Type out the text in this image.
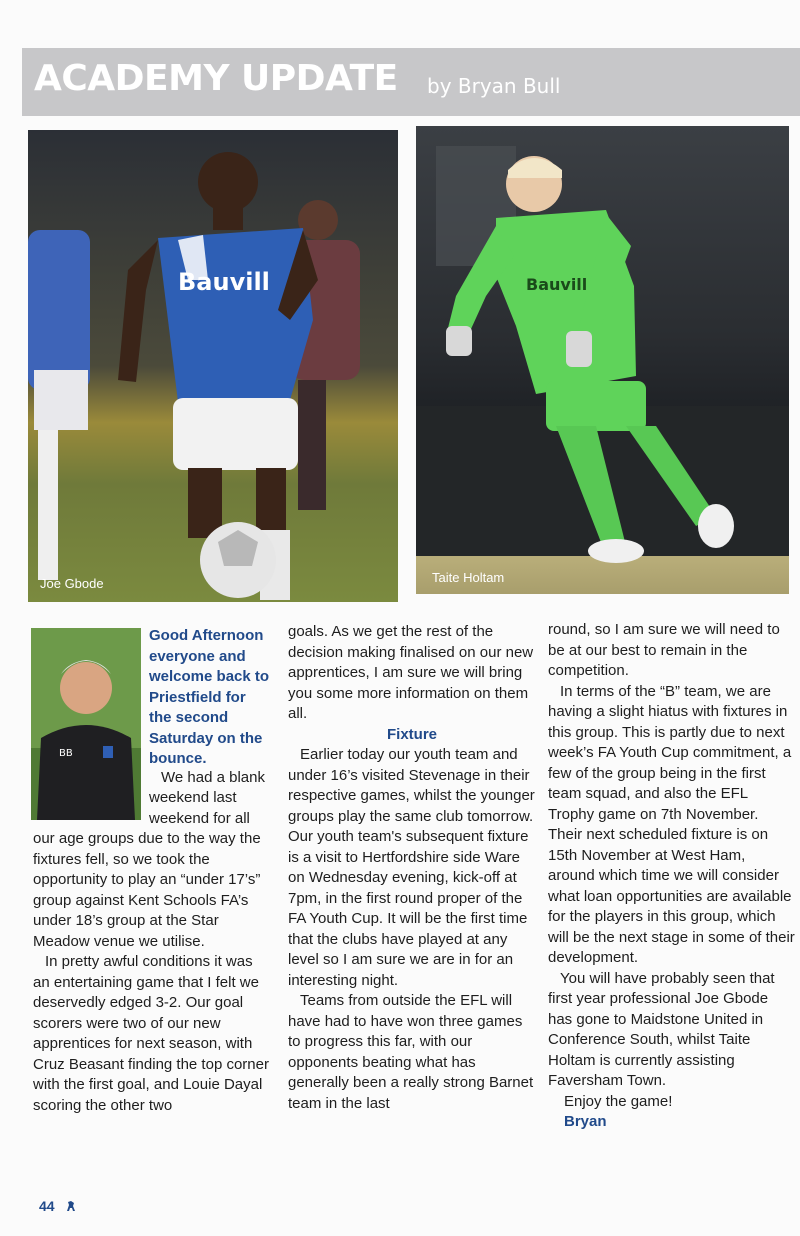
ACADEMY UPDATE by Bryan Bull
Bauvill
Joe Gbode
Bauvill
Taite Holtam
BB

Good Afternoon everyone and welcome back to Priestfield for the second Saturday on the bounce.

We had a blank weekend last weekend for all our age groups due to the way the fixtures fell, so we took the opportunity to play an “under 17’s” group against Kent Schools FA’s under 18’s group at the Star Meadow venue we utilise.

In pretty awful conditions it was an entertaining game that I felt we deservedly edged 3-2. Our goal scorers were two of our new apprentices for next season, with Cruz Beasant finding the top corner with the first goal, and Louie Dayal scoring the other two

goals. As we get the rest of the decision making finalised on our new apprentices, I am sure we will bring you some more information on them all.

Fixture

Earlier today our youth team and under 16’s visited Stevenage in their respective games, whilst the younger groups play the same club tomorrow. Our youth team's subsequent fixture is a visit to Hertfordshire side Ware on Wednesday evening, kick-off at 7pm, in the first round proper of the FA Youth Cup. It will be the first time that the clubs have played at any level so I am sure we are in for an interesting night.

Teams from outside the EFL will have had to have won three games to progress this far, with our opponents beating what has generally been a really strong Barnet team in the last

round, so I am sure we will need to be at our best to remain in the competition.

In terms of the “B” team, we are having a slight hiatus with fixtures in this group. This is partly due to next week’s FA Youth Cup commitment, a few of the group being in the first team squad, and also the EFL Trophy game on 7th November. Their next scheduled fixture is on 15th November at West Ham, around which time we will consider what loan opportunities are available for the players in this group, which will be the next stage in some of their development.

You will have probably seen that first year professional Joe Gbode has gone to Maidstone United in Conference South, whilst Taite Holtam is currently assisting Faversham Town.

Enjoy the game!

Bryan

44
